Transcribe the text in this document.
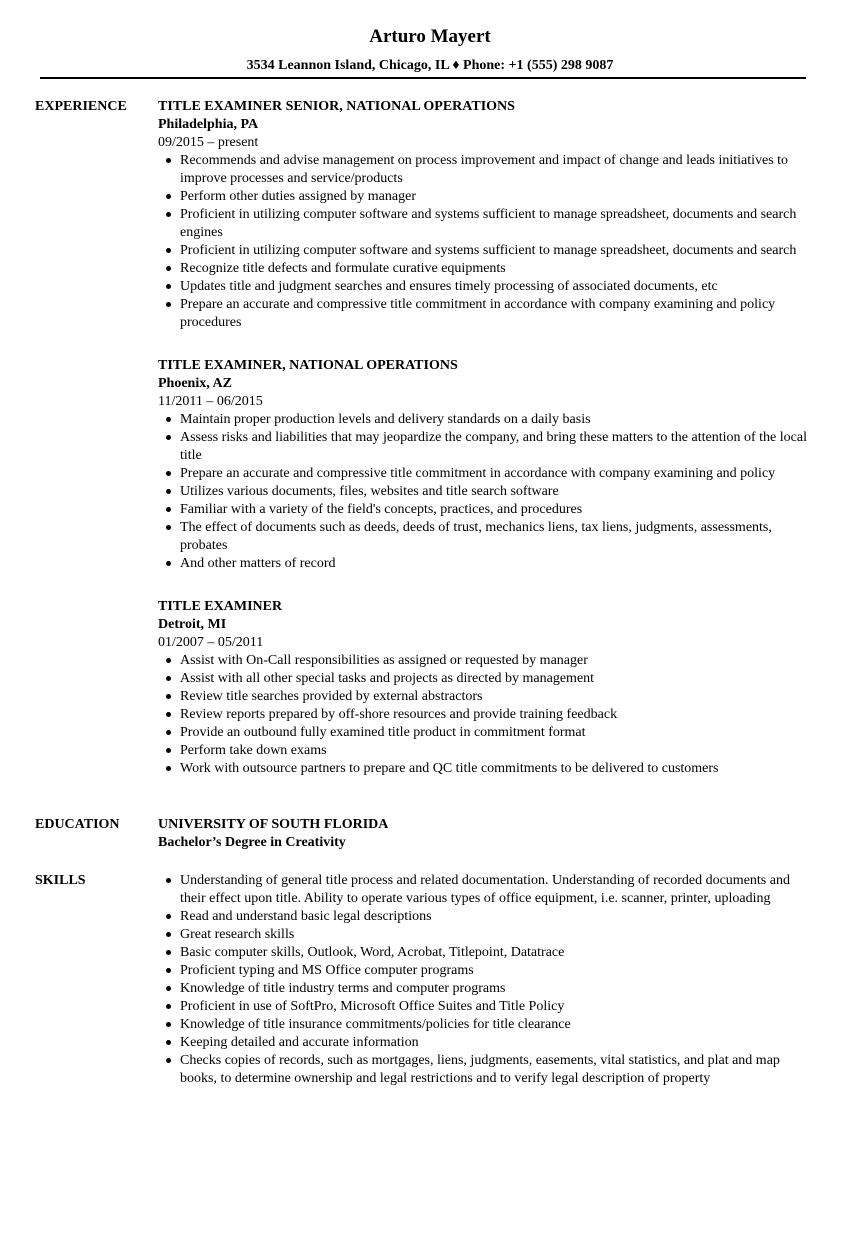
Arturo Mayert
3534 Leannon Island, Chicago, IL ♦ Phone: +1 (555) 298 9087
EXPERIENCE TITLE EXAMINER SENIOR, NATIONAL OPERATIONS
Philadelphia, PA
09/2015 – present
Recommends and advise management on process improvement and impact of change and leads initiatives to improve processes and service/products
Perform other duties assigned by manager
Proficient in utilizing computer software and systems sufficient to manage spreadsheet, documents and search engines
Proficient in utilizing computer software and systems sufficient to manage spreadsheet, documents and search
Recognize title defects and formulate curative equipments
Updates title and judgment searches and ensures timely processing of associated documents, etc
Prepare an accurate and compressive title commitment in accordance with company examining and policy procedures
TITLE EXAMINER, NATIONAL OPERATIONS
Phoenix, AZ
11/2011 – 06/2015
Maintain proper production levels and delivery standards on a daily basis
Assess risks and liabilities that may jeopardize the company, and bring these matters to the attention of the local title
Prepare an accurate and compressive title commitment in accordance with company examining and policy
Utilizes various documents, files, websites and title search software
Familiar with a variety of the field's concepts, practices, and procedures
The effect of documents such as deeds, deeds of trust, mechanics liens, tax liens, judgments, assessments, probates
And other matters of record
TITLE EXAMINER
Detroit, MI
01/2007 – 05/2011
Assist with On-Call responsibilities as assigned or requested by manager
Assist with all other special tasks and projects as directed by management
Review title searches provided by external abstractors
Review reports prepared by off-shore resources and provide training feedback
Provide an outbound fully examined title product in commitment format
Perform take down exams
Work with outsource partners to prepare and QC title commitments to be delivered to customers
EDUCATION	UNIVERSITY OF SOUTH FLORIDA
Bachelor’s Degree in Creativity
SKILLS	Understanding of general title process and related documentation. Understanding of recorded documents and their effect upon title. Ability to operate various types of office equipment, i.e. scanner, printer, uploading
Read and understand basic legal descriptions
Great research skills
Basic computer skills, Outlook, Word, Acrobat, Titlepoint, Datatrace
Proficient typing and MS Office computer programs
Knowledge of title industry terms and computer programs
Proficient in use of SoftPro, Microsoft Office Suites and Title Policy
Knowledge of title insurance commitments/policies for title clearance
Keeping detailed and accurate information
Checks copies of records, such as mortgages, liens, judgments, easements, vital statistics, and plat and map books, to determine ownership and legal restrictions and to verify legal description of property
